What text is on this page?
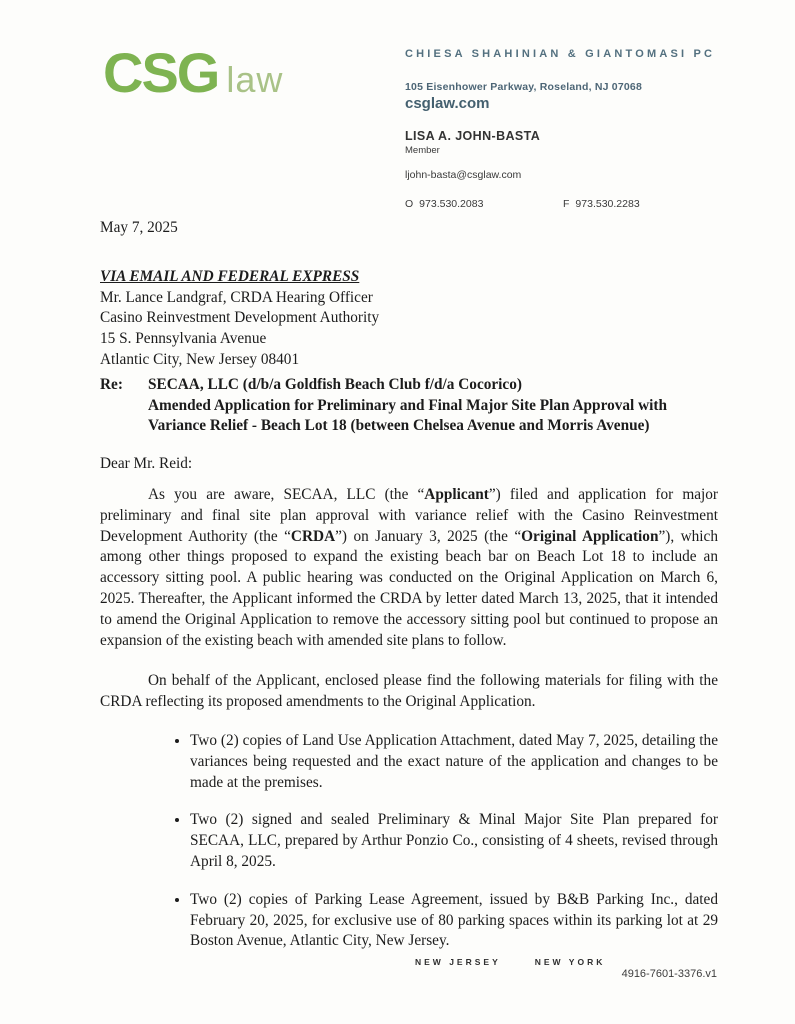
CSG law
CHIESA SHAHINIAN & GIANTOMASI PC
105 Eisenhower Parkway, Roseland, NJ 07068
csglaw.com
LISA A. JOHN-BASTA
Member
ljohn-basta@csglaw.com
O 973.530.2083	F 973.530.2283

May 7, 2025

VIA EMAIL AND FEDERAL EXPRESS

Mr. Lance Landgraf, CRDA Hearing Officer
Casino Reinvestment Development Authority
15 S. Pennsylvania Avenue
Atlantic City, New Jersey 08401
Re:	SECAA, LLC (d/b/a Goldfish Beach Club f/d/a Cocorico)
Amended Application for Preliminary and Final Major Site Plan Approval with
Variance Relief - Beach Lot 18 (between Chelsea Avenue and Morris Avenue)

Dear Mr. Reid:

As you are aware, SECAA, LLC (the “Applicant”) filed and application for major preliminary and final site plan approval with variance relief with the Casino Reinvestment Development Authority (the “CRDA”) on January 3, 2025 (the “Original Application”), which among other things proposed to expand the existing beach bar on Beach Lot 18 to include an accessory sitting pool. A public hearing was conducted on the Original Application on March 6, 2025. Thereafter, the Applicant informed the CRDA by letter dated March 13, 2025, that it intended to amend the Original Application to remove the accessory sitting pool but continued to propose an expansion of the existing beach with amended site plans to follow.

On behalf of the Applicant, enclosed please find the following materials for filing with the CRDA reflecting its proposed amendments to the Original Application.

• Two (2) copies of Land Use Application Attachment, dated May 7, 2025, detailing the variances being requested and the exact nature of the application and changes to be made at the premises.
• Two (2) signed and sealed Preliminary & Minal Major Site Plan prepared for SECAA, LLC, prepared by Arthur Ponzio Co., consisting of 4 sheets, revised through April 8, 2025.
• Two (2) copies of Parking Lease Agreement, issued by B&B Parking Inc., dated February 20, 2025, for exclusive use of 80 parking spaces within its parking lot at 29 Boston Avenue, Atlantic City, New Jersey.
NEW JERSEY	NEW YORK
4916-7601-3376.v1
